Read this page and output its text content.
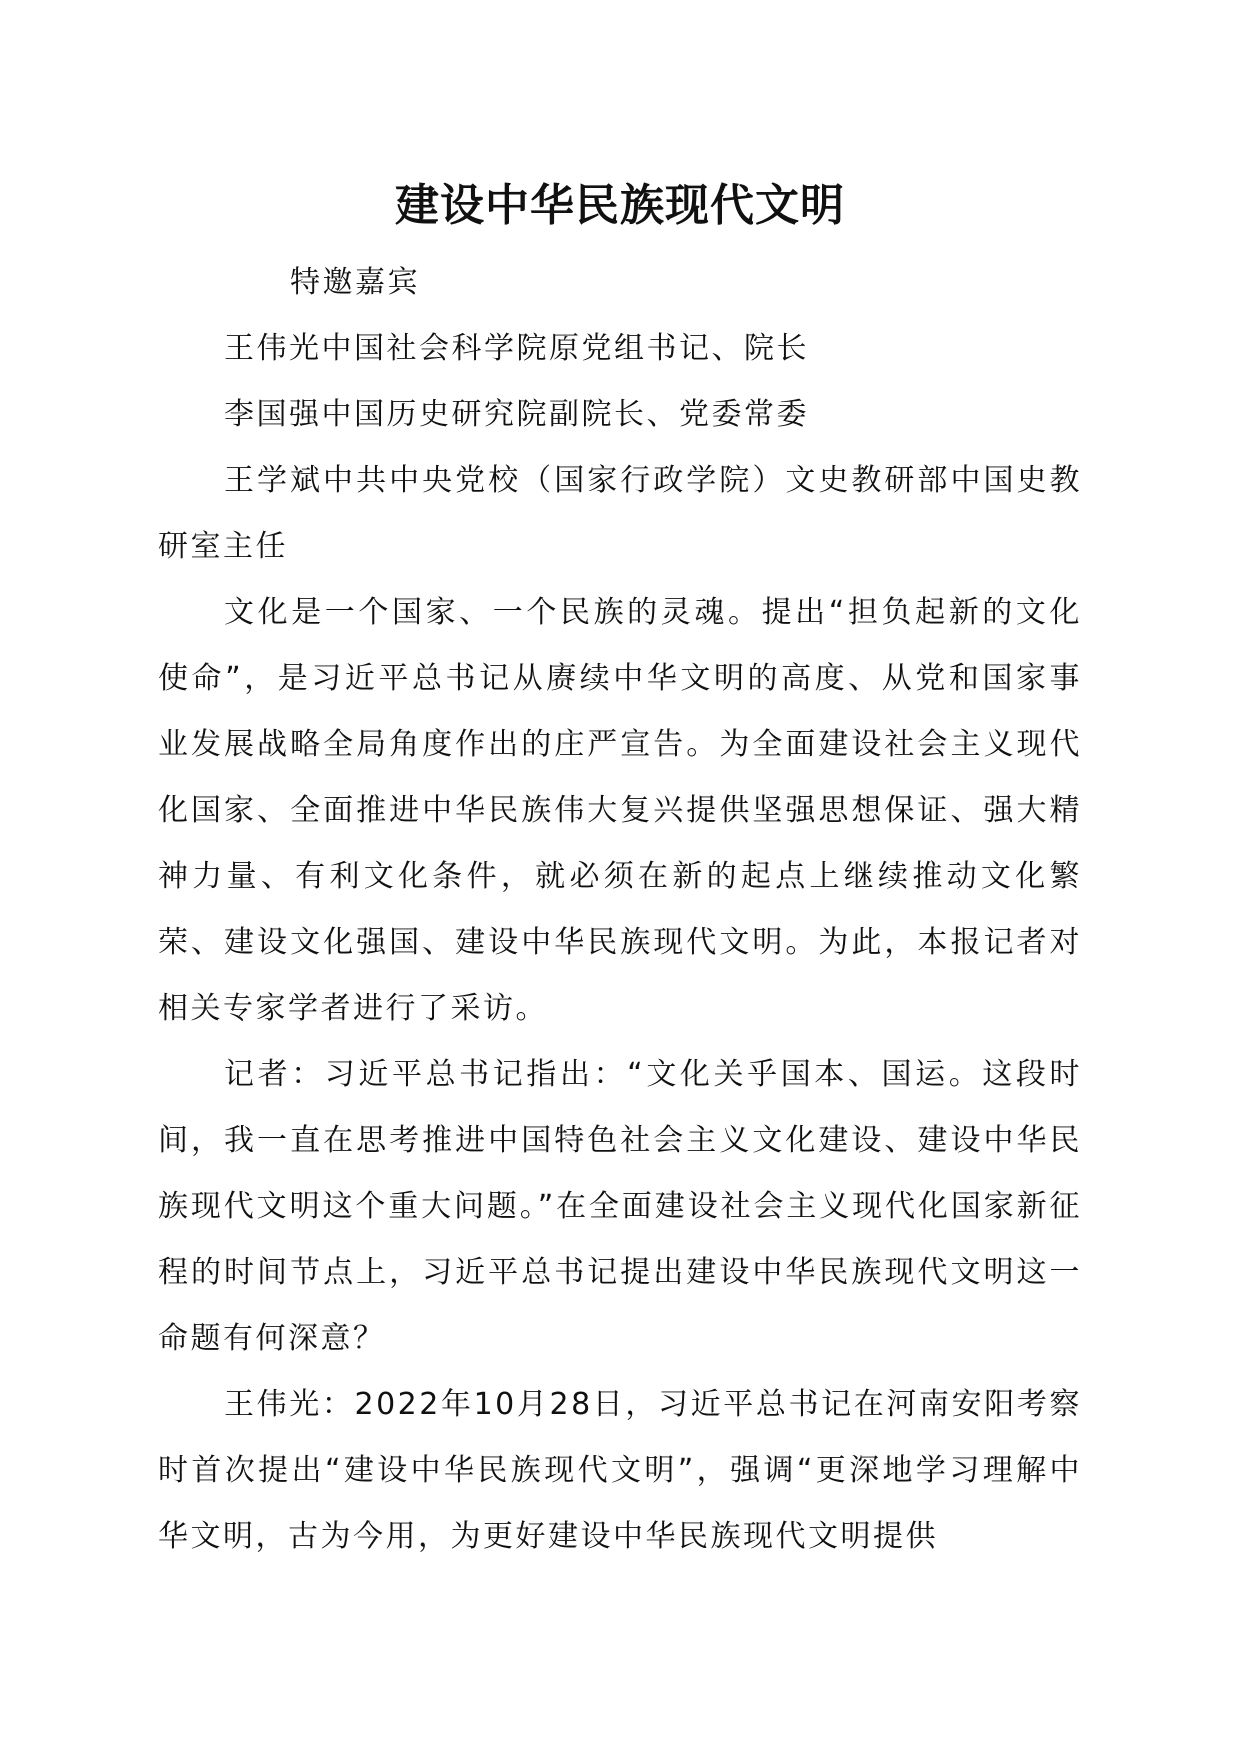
建设中华民族现代文明

特邀嘉宾

王伟光中国社会科学院原党组书记、院长

李国强中国历史研究院副院长、党委常委

王学斌中共中央党校（国家行政学院）文史教研部中国史教研室主任

文化是一个国家、一个民族的灵魂。提出“担负起新的文化使命”，是习近平总书记从赓续中华文明的高度、从党和国家事业发展战略全局角度作出的庄严宣告。为全面建设社会主义现代化国家、全面推进中华民族伟大复兴提供坚强思想保证、强大精神力量、有利文化条件，就必须在新的起点上继续推动文化繁荣、建设文化强国、建设中华民族现代文明。为此，本报记者对相关专家学者进行了采访。

记者：习近平总书记指出：“文化关乎国本、国运。这段时间，我一直在思考推进中国特色社会主义文化建设、建设中华民族现代文明这个重大问题。”在全面建设社会主义现代化国家新征程的时间节点上，习近平总书记提出建设中华民族现代文明这一命题有何深意？

王伟光：2022年10月28日，习近平总书记在河南安阳考察时首次提出“建设中华民族现代文明”，强调“更深地学习理解中华文明，古为今用，为更好建设中华民族现代文明提供
